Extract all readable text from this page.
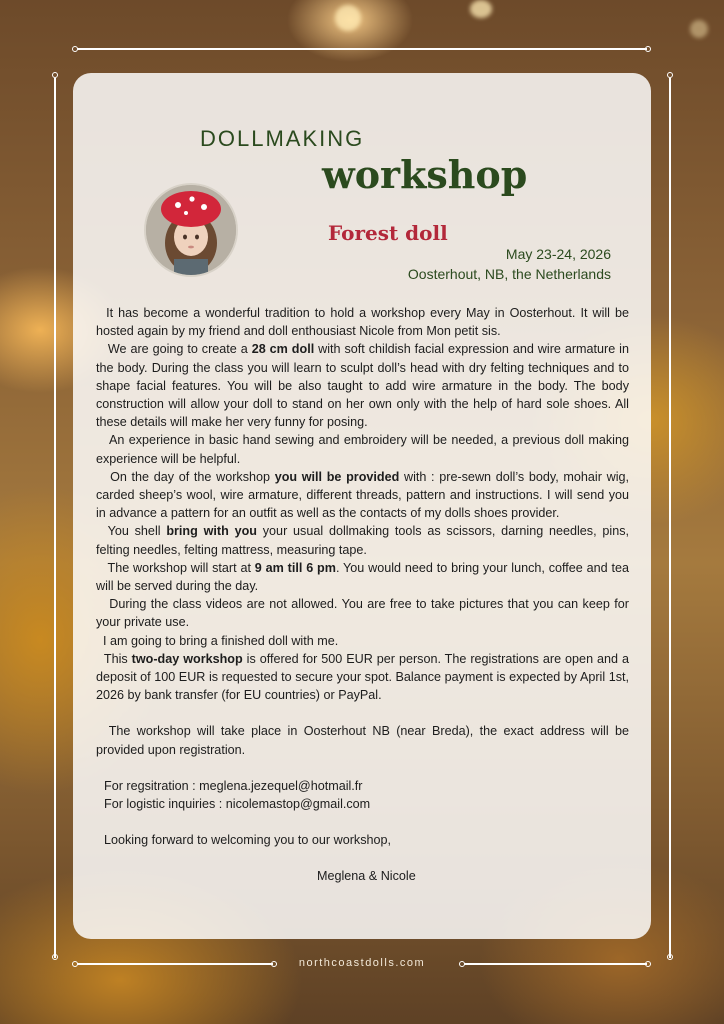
DOLLMAKING
workshop
Forest doll
May 23-24, 2026
Oosterhout, NB, the Netherlands

It has become a wonderful tradition to hold a workshop every May in Oosterhout. It will be hosted again by my friend and doll enthousiast Nicole from Mon petit sis.

We are going to create a 28 cm doll with soft childish facial expression and wire armature in the body. During the class you will learn to sculpt doll’s head with dry felting techniques and to shape facial features. You will be also taught to add wire armature in the body. The body construction will allow your doll to stand on her own only with the help of hard sole shoes. All these details will make her very funny for posing.

An experience in basic hand sewing and embroidery will be needed, a previous doll making experience will be helpful.

On the day of the workshop you will be provided with : pre-sewn doll’s body, mohair wig, carded sheep’s wool, wire armature, different threads, pattern and instructions. I will send you in advance a pattern for an outfit as well as the contacts of my dolls shoes provider.

You shell bring with you your usual dollmaking tools as scissors, darning needles, pins, felting needles, felting mattress, measuring tape.

The workshop will start at 9 am till 6 pm. You would need to bring your lunch, coffee and tea will be served during the day.

During the class videos are not allowed. You are free to take pictures that you can keep for your private use.

I am going to bring a finished doll with me.

This two-day workshop is offered for 500 EUR per person. The registrations are open and a deposit of 100 EUR is requested to secure your spot. Balance payment is expected by April 1st, 2026 by bank transfer (for EU countries) or PayPal.

The workshop will take place in Oosterhout NB (near Breda), the exact address will be provided upon registration.

For regsitration : meglena.jezequel@hotmail.fr

For logistic inquiries : nicolemastop@gmail.com

Looking forward to welcoming you to our workshop,

Meglena & Nicole

northcoastdolls.com
